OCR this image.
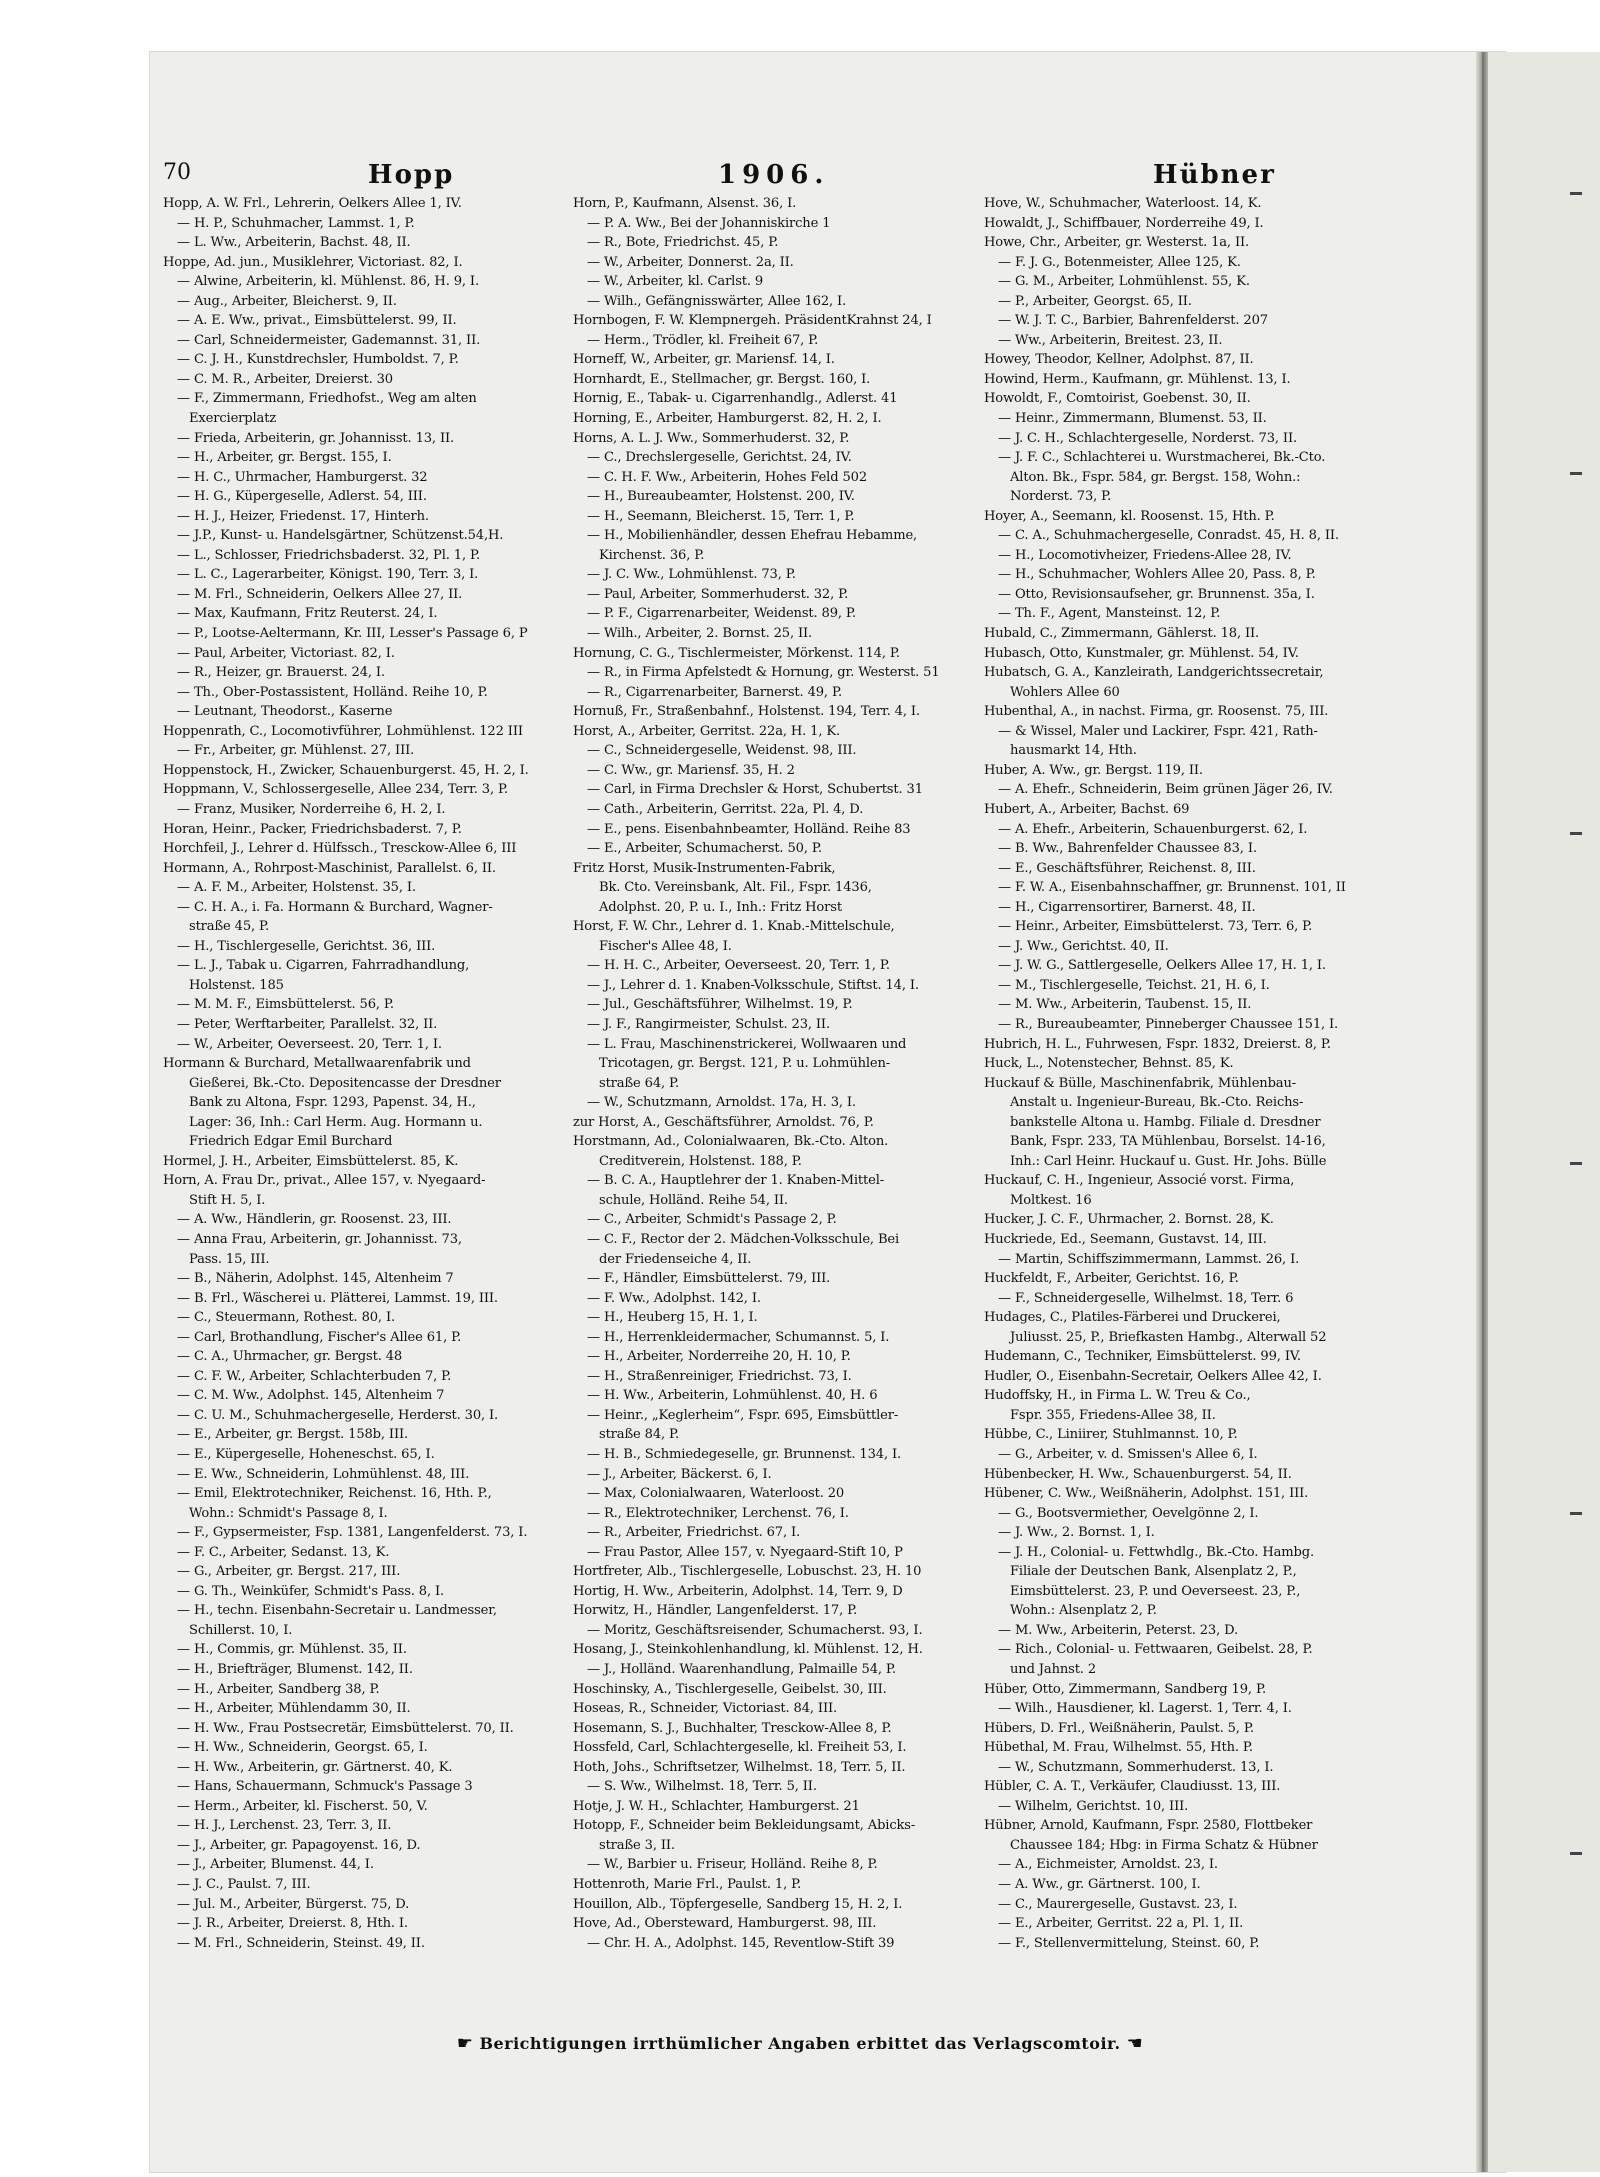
70	Hopp	1906.	Hübner
Hopp, A. W. Frl., Lehrerin, Oelkers Allee 1, IV.
— H. P., Schuhmacher, Lammst. 1, P.
— L. Ww., Arbeiterin, Bachst. 48, II.
Hoppe, Ad. jun., Musiklehrer, Victoriast. 82, I.
— Alwine, Arbeiterin, kl. Mühlenst. 86, H. 9, I.
— Aug., Arbeiter, Bleicherst. 9, II.
— A. E. Ww., privat., Eimsbüttelerst. 99, II.
— Carl, Schneidermeister, Gademannst. 31, II.
— C. J. H., Kunstdrechsler, Humboldst. 7, P.
— C. M. R., Arbeiter, Dreierst. 30
— F., Zimmermann, Friedhofst., Weg am alten
Exercierplatz
— Frieda, Arbeiterin, gr. Johannisst. 13, II.
— H., Arbeiter, gr. Bergst. 155, I.
— H. C., Uhrmacher, Hamburgerst. 32
— H. G., Küpergeselle, Adlerst. 54, III.
— H. J., Heizer, Friedenst. 17, Hinterh.
— J.P., Kunst- u. Handelsgärtner, Schützenst.54,H.
— L., Schlosser, Friedrichsbaderst. 32, Pl. 1, P.
— L. C., Lagerarbeiter, Königst. 190, Terr. 3, I.
— M. Frl., Schneiderin, Oelkers Allee 27, II.
— Max, Kaufmann, Fritz Reuterst. 24, I.
— P., Lootse-Aeltermann, Kr. III, Lesser's Passage 6, P
— Paul, Arbeiter, Victoriast. 82, I.
— R., Heizer, gr. Brauerst. 24, I.
— Th., Ober-Postassistent, Holländ. Reihe 10, P.
— Leutnant, Theodorst., Kaserne
Hoppenrath, C., Locomotivführer, Lohmühlenst. 122 III
— Fr., Arbeiter, gr. Mühlenst. 27, III.
Hoppenstock, H., Zwicker, Schauenburgerst. 45, H. 2, I.
Hoppmann, V., Schlossergeselle, Allee 234, Terr. 3, P.
— Franz, Musiker, Norderreihe 6, H. 2, I.
Horan, Heinr., Packer, Friedrichsbaderst. 7, P.
Horchfeil, J., Lehrer d. Hülfssch., Tresckow-Allee 6, III
Hormann, A., Rohrpost-Maschinist, Parallelst. 6, II.
— A. F. M., Arbeiter, Holstenst. 35, I.
— C. H. A., i. Fa. Hormann & Burchard, Wagner-
straße 45, P.
— H., Tischlergeselle, Gerichtst. 36, III.
— L. J., Tabak u. Cigarren, Fahrradhandlung,
Holstenst. 185
— M. M. F., Eimsbüttelerst. 56, P.
— Peter, Werftarbeiter, Parallelst. 32, II.
— W., Arbeiter, Oeverseest. 20, Terr. 1, I.
Hormann & Burchard, Metallwaarenfabrik und
Gießerei, Bk.-Cto. Depositencasse der Dresdner
Bank zu Altona, Fspr. 1293, Papenst. 34, H.,
Lager: 36, Inh.: Carl Herm. Aug. Hormann u.
Friedrich Edgar Emil Burchard
Hormel, J. H., Arbeiter, Eimsbüttelerst. 85, K.
Horn, A. Frau Dr., privat., Allee 157, v. Nyegaard-
Stift H. 5, I.
— A. Ww., Händlerin, gr. Roosenst. 23, III.
— Anna Frau, Arbeiterin, gr. Johannisst. 73,
Pass. 15, III.
— B., Näherin, Adolphst. 145, Altenheim 7
— B. Frl., Wäscherei u. Plätterei, Lammst. 19, III.
— C., Steuermann, Rothest. 80, I.
— Carl, Brothandlung, Fischer's Allee 61, P.
— C. A., Uhrmacher, gr. Bergst. 48
— C. F. W., Arbeiter, Schlachterbuden 7, P.
— C. M. Ww., Adolphst. 145, Altenheim 7
— C. U. M., Schuhmachergeselle, Herderst. 30, I.
— E., Arbeiter, gr. Bergst. 158b, III.
— E., Küpergeselle, Hoheneschst. 65, I.
— E. Ww., Schneiderin, Lohmühlenst. 48, III.
— Emil, Elektrotechniker, Reichenst. 16, Hth. P.,
Wohn.: Schmidt's Passage 8, I.
— F., Gypsermeister, Fsp. 1381, Langenfelderst. 73, I.
— F. C., Arbeiter, Sedanst. 13, K.
— G., Arbeiter, gr. Bergst. 217, III.
— G. Th., Weinküfer, Schmidt's Pass. 8, I.
— H., techn. Eisenbahn-Secretair u. Landmesser,
Schillerst. 10, I.
— H., Commis, gr. Mühlenst. 35, II.
— H., Briefträger, Blumenst. 142, II.
— H., Arbeiter, Sandberg 38, P.
— H., Arbeiter, Mühlendamm 30, II.
— H. Ww., Frau Postsecretär, Eimsbüttelerst. 70, II.
— H. Ww., Schneiderin, Georgst. 65, I.
— H. Ww., Arbeiterin, gr. Gärtnerst. 40, K.
— Hans, Schauermann, Schmuck's Passage 3
— Herm., Arbeiter, kl. Fischerst. 50, V.
— H. J., Lerchenst. 23, Terr. 3, II.
— J., Arbeiter, gr. Papagoyenst. 16, D.
— J., Arbeiter, Blumenst. 44, I.
— J. C., Paulst. 7, III.
— Jul. M., Arbeiter, Bürgerst. 75, D.
— J. R., Arbeiter, Dreierst. 8, Hth. I.
— M. Frl., Schneiderin, Steinst. 49, II.
Horn, P., Kaufmann, Alsenst. 36, I.
— P. A. Ww., Bei der Johanniskirche 1
— R., Bote, Friedrichst. 45, P.
— W., Arbeiter, Donnerst. 2a, II.
— W., Arbeiter, kl. Carlst. 9
— Wilh., Gefängnisswärter, Allee 162, I.
Hornbogen, F. W. Klempnergeh. PräsidentKrahnst 24, I
— Herm., Trödler, kl. Freiheit 67, P.
Horneff, W., Arbeiter, gr. Mariensf. 14, I.
Hornhardt, E., Stellmacher, gr. Bergst. 160, I.
Hornig, E., Tabak- u. Cigarrenhandlg., Adlerst. 41
Horning, E., Arbeiter, Hamburgerst. 82, H. 2, I.
Horns, A. L. J. Ww., Sommerhuderst. 32, P.
— C., Drechslergeselle, Gerichtst. 24, IV.
— C. H. F. Ww., Arbeiterin, Hohes Feld 502
— H., Bureaubeamter, Holstenst. 200, IV.
— H., Seemann, Bleicherst. 15, Terr. 1, P.
— H., Mobilienhändler, dessen Ehefrau Hebamme,
Kirchenst. 36, P.
— J. C. Ww., Lohmühlenst. 73, P.
— Paul, Arbeiter, Sommerhuderst. 32, P.
— P. F., Cigarrenarbeiter, Weidenst. 89, P.
— Wilh., Arbeiter, 2. Bornst. 25, II.
Hornung, C. G., Tischlermeister, Mörkenst. 114, P.
— R., in Firma Apfelstedt & Hornung, gr. Westerst. 51
— R., Cigarrenarbeiter, Barnerst. 49, P.
Hornuß, Fr., Straßenbahnf., Holstenst. 194, Terr. 4, I.
Horst, A., Arbeiter, Gerritst. 22a, H. 1, K.
— C., Schneidergeselle, Weidenst. 98, III.
— C. Ww., gr. Mariensf. 35, H. 2
— Carl, in Firma Drechsler & Horst, Schubertst. 31
— Cath., Arbeiterin, Gerritst. 22a, Pl. 4, D.
— E., pens. Eisenbahnbeamter, Holländ. Reihe 83
— E., Arbeiter, Schumacherst. 50, P.
Fritz Horst, Musik-Instrumenten-Fabrik,
Bk. Cto. Vereinsbank, Alt. Fil., Fspr. 1436,
Adolphst. 20, P. u. I., Inh.: Fritz Horst
Horst, F. W. Chr., Lehrer d. 1. Knab.-Mittelschule,
Fischer's Allee 48, I.
— H. H. C., Arbeiter, Oeverseest. 20, Terr. 1, P.
— J., Lehrer d. 1. Knaben-Volksschule, Stiftst. 14, I.
— Jul., Geschäftsführer, Wilhelmst. 19, P.
— J. F., Rangirmeister, Schulst. 23, II.
— L. Frau, Maschinenstrickerei, Wollwaaren und
Tricotagen, gr. Bergst. 121, P. u. Lohmühlen-
straße 64, P.
— W., Schutzmann, Arnoldst. 17a, H. 3, I.
zur Horst, A., Geschäftsführer, Arnoldst. 76, P.
Horstmann, Ad., Colonialwaaren, Bk.-Cto. Alton.
Creditverein, Holstenst. 188, P.
— B. C. A., Hauptlehrer der 1. Knaben-Mittel-
schule, Holländ. Reihe 54, II.
— C., Arbeiter, Schmidt's Passage 2, P.
— C. F., Rector der 2. Mädchen-Volksschule, Bei
der Friedenseiche 4, II.
— F., Händler, Eimsbüttelerst. 79, III.
— F. Ww., Adolphst. 142, I.
— H., Heuberg 15, H. 1, I.
— H., Herrenkleidermacher, Schumannst. 5, I.
— H., Arbeiter, Norderreihe 20, H. 10, P.
— H., Straßenreiniger, Friedrichst. 73, I.
— H. Ww., Arbeiterin, Lohmühlenst. 40, H. 6
— Heinr., „Keglerheim“, Fspr. 695, Eimsbüttler-
straße 84, P.
— H. B., Schmiedegeselle, gr. Brunnenst. 134, I.
— J., Arbeiter, Bäckerst. 6, I.
— Max, Colonialwaaren, Waterloost. 20
— R., Elektrotechniker, Lerchenst. 76, I.
— R., Arbeiter, Friedrichst. 67, I.
— Frau Pastor, Allee 157, v. Nyegaard-Stift 10, P
Hortfreter, Alb., Tischlergeselle, Lobuschst. 23, H. 10
Hortig, H. Ww., Arbeiterin, Adolphst. 14, Terr. 9, D
Horwitz, H., Händler, Langenfelderst. 17, P.
— Moritz, Geschäftsreisender, Schumacherst. 93, I.
Hosang, J., Steinkohlenhandlung, kl. Mühlenst. 12, H.
— J., Holländ. Waarenhandlung, Palmaille 54, P.
Hoschinsky, A., Tischlergeselle, Geibelst. 30, III.
Hoseas, R., Schneider, Victoriast. 84, III.
Hosemann, S. J., Buchhalter, Tresckow-Allee 8, P.
Hossfeld, Carl, Schlachtergeselle, kl. Freiheit 53, I.
Hoth, Johs., Schriftsetzer, Wilhelmst. 18, Terr. 5, II.
— S. Ww., Wilhelmst. 18, Terr. 5, II.
Hotje, J. W. H., Schlachter, Hamburgerst. 21
Hotopp, F., Schneider beim Bekleidungsamt, Abicks-
straße 3, II.
— W., Barbier u. Friseur, Holländ. Reihe 8, P.
Hottenroth, Marie Frl., Paulst. 1, P.
Houillon, Alb., Töpfergeselle, Sandberg 15, H. 2, I.
Hove, Ad., Obersteward, Hamburgerst. 98, III.
— Chr. H. A., Adolphst. 145, Reventlow-Stift 39
Hove, W., Schuhmacher, Waterloost. 14, K.
Howaldt, J., Schiffbauer, Norderreihe 49, I.
Howe, Chr., Arbeiter, gr. Westerst. 1a, II.
— F. J. G., Botenmeister, Allee 125, K.
— G. M., Arbeiter, Lohmühlenst. 55, K.
— P., Arbeiter, Georgst. 65, II.
— W. J. T. C., Barbier, Bahrenfelderst. 207
— Ww., Arbeiterin, Breitest. 23, II.
Howey, Theodor, Kellner, Adolphst. 87, II.
Howind, Herm., Kaufmann, gr. Mühlenst. 13, I.
Howoldt, F., Comtoirist, Goebenst. 30, II.
— Heinr., Zimmermann, Blumenst. 53, II.
— J. C. H., Schlachtergeselle, Norderst. 73, II.
— J. F. C., Schlachterei u. Wurstmacherei, Bk.-Cto.
Alton. Bk., Fspr. 584, gr. Bergst. 158, Wohn.:
Norderst. 73, P.
Hoyer, A., Seemann, kl. Roosenst. 15, Hth. P.
— C. A., Schuhmachergeselle, Conradst. 45, H. 8, II.
— H., Locomotivheizer, Friedens-Allee 28, IV.
— H., Schuhmacher, Wohlers Allee 20, Pass. 8, P.
— Otto, Revisionsaufseher, gr. Brunnenst. 35a, I.
— Th. F., Agent, Mansteinst. 12, P.
Hubald, C., Zimmermann, Gählerst. 18, II.
Hubasch, Otto, Kunstmaler, gr. Mühlenst. 54, IV.
Hubatsch, G. A., Kanzleirath, Landgerichtssecretair,
Wohlers Allee 60
Hubenthal, A., in nachst. Firma, gr. Roosenst. 75, III.
— & Wissel, Maler und Lackirer, Fspr. 421, Rath-
hausmarkt 14, Hth.
Huber, A. Ww., gr. Bergst. 119, II.
— A. Ehefr., Schneiderin, Beim grünen Jäger 26, IV.
Hubert, A., Arbeiter, Bachst. 69
— A. Ehefr., Arbeiterin, Schauenburgerst. 62, I.
— B. Ww., Bahrenfelder Chaussee 83, I.
— E., Geschäftsführer, Reichenst. 8, III.
— F. W. A., Eisenbahnschaffner, gr. Brunnenst. 101, II
— H., Cigarrensortirer, Barnerst. 48, II.
— Heinr., Arbeiter, Eimsbüttelerst. 73, Terr. 6, P.
— J. Ww., Gerichtst. 40, II.
— J. W. G., Sattlergeselle, Oelkers Allee 17, H. 1, I.
— M., Tischlergeselle, Teichst. 21, H. 6, I.
— M. Ww., Arbeiterin, Taubenst. 15, II.
— R., Bureaubeamter, Pinneberger Chaussee 151, I.
Hubrich, H. L., Fuhrwesen, Fspr. 1832, Dreierst. 8, P.
Huck, L., Notenstecher, Behnst. 85, K.
Huckauf & Bülle, Maschinenfabrik, Mühlenbau-
Anstalt u. Ingenieur-Bureau, Bk.-Cto. Reichs-
bankstelle Altona u. Hambg. Filiale d. Dresdner
Bank, Fspr. 233, TA Mühlenbau, Borselst. 14-16,
Inh.: Carl Heinr. Huckauf u. Gust. Hr. Johs. Bülle
Huckauf, C. H., Ingenieur, Associé vorst. Firma,
Moltkest. 16
Hucker, J. C. F., Uhrmacher, 2. Bornst. 28, K.
Huckriede, Ed., Seemann, Gustavst. 14, III.
— Martin, Schiffszimmermann, Lammst. 26, I.
Huckfeldt, F., Arbeiter, Gerichtst. 16, P.
— F., Schneidergeselle, Wilhelmst. 18, Terr. 6
Hudages, C., Platiles-Färberei und Druckerei,
Juliusst. 25, P., Briefkasten Hambg., Alterwall 52
Hudemann, C., Techniker, Eimsbüttelerst. 99, IV.
Hudler, O., Eisenbahn-Secretair, Oelkers Allee 42, I.
Hudoffsky, H., in Firma L. W. Treu & Co.,
Fspr. 355, Friedens-Allee 38, II.
Hübbe, C., Liniirer, Stuhlmannst. 10, P.
— G., Arbeiter, v. d. Smissen's Allee 6, I.
Hübenbecker, H. Ww., Schauenburgerst. 54, II.
Hübener, C. Ww., Weißnäherin, Adolphst. 151, III.
— G., Bootsvermiether, Oevelgönne 2, I.
— J. Ww., 2. Bornst. 1, I.
— J. H., Colonial- u. Fettwhdlg., Bk.-Cto. Hambg.
Filiale der Deutschen Bank, Alsenplatz 2, P.,
Eimsbüttelerst. 23, P. und Oeverseest. 23, P.,
Wohn.: Alsenplatz 2, P.
— M. Ww., Arbeiterin, Peterst. 23, D.
— Rich., Colonial- u. Fettwaaren, Geibelst. 28, P.
und Jahnst. 2
Hüber, Otto, Zimmermann, Sandberg 19, P.
— Wilh., Hausdiener, kl. Lagerst. 1, Terr. 4, I.
Hübers, D. Frl., Weißnäherin, Paulst. 5, P.
Hübethal, M. Frau, Wilhelmst. 55, Hth. P.
— W., Schutzmann, Sommerhuderst. 13, I.
Hübler, C. A. T., Verkäufer, Claudiusst. 13, III.
— Wilhelm, Gerichtst. 10, III.
Hübner, Arnold, Kaufmann, Fspr. 2580, Flottbeker
Chaussee 184; Hbg: in Firma Schatz & Hübner
— A., Eichmeister, Arnoldst. 23, I.
— A. Ww., gr. Gärtnerst. 100, I.
— C., Maurergeselle, Gustavst. 23, I.
— E., Arbeiter, Gerritst. 22 a, Pl. 1, II.
— F., Stellenvermittelung, Steinst. 60, P.
☛ Berichtigungen irrthümlicher Angaben erbittet das Verlagscomtoir. ☚
